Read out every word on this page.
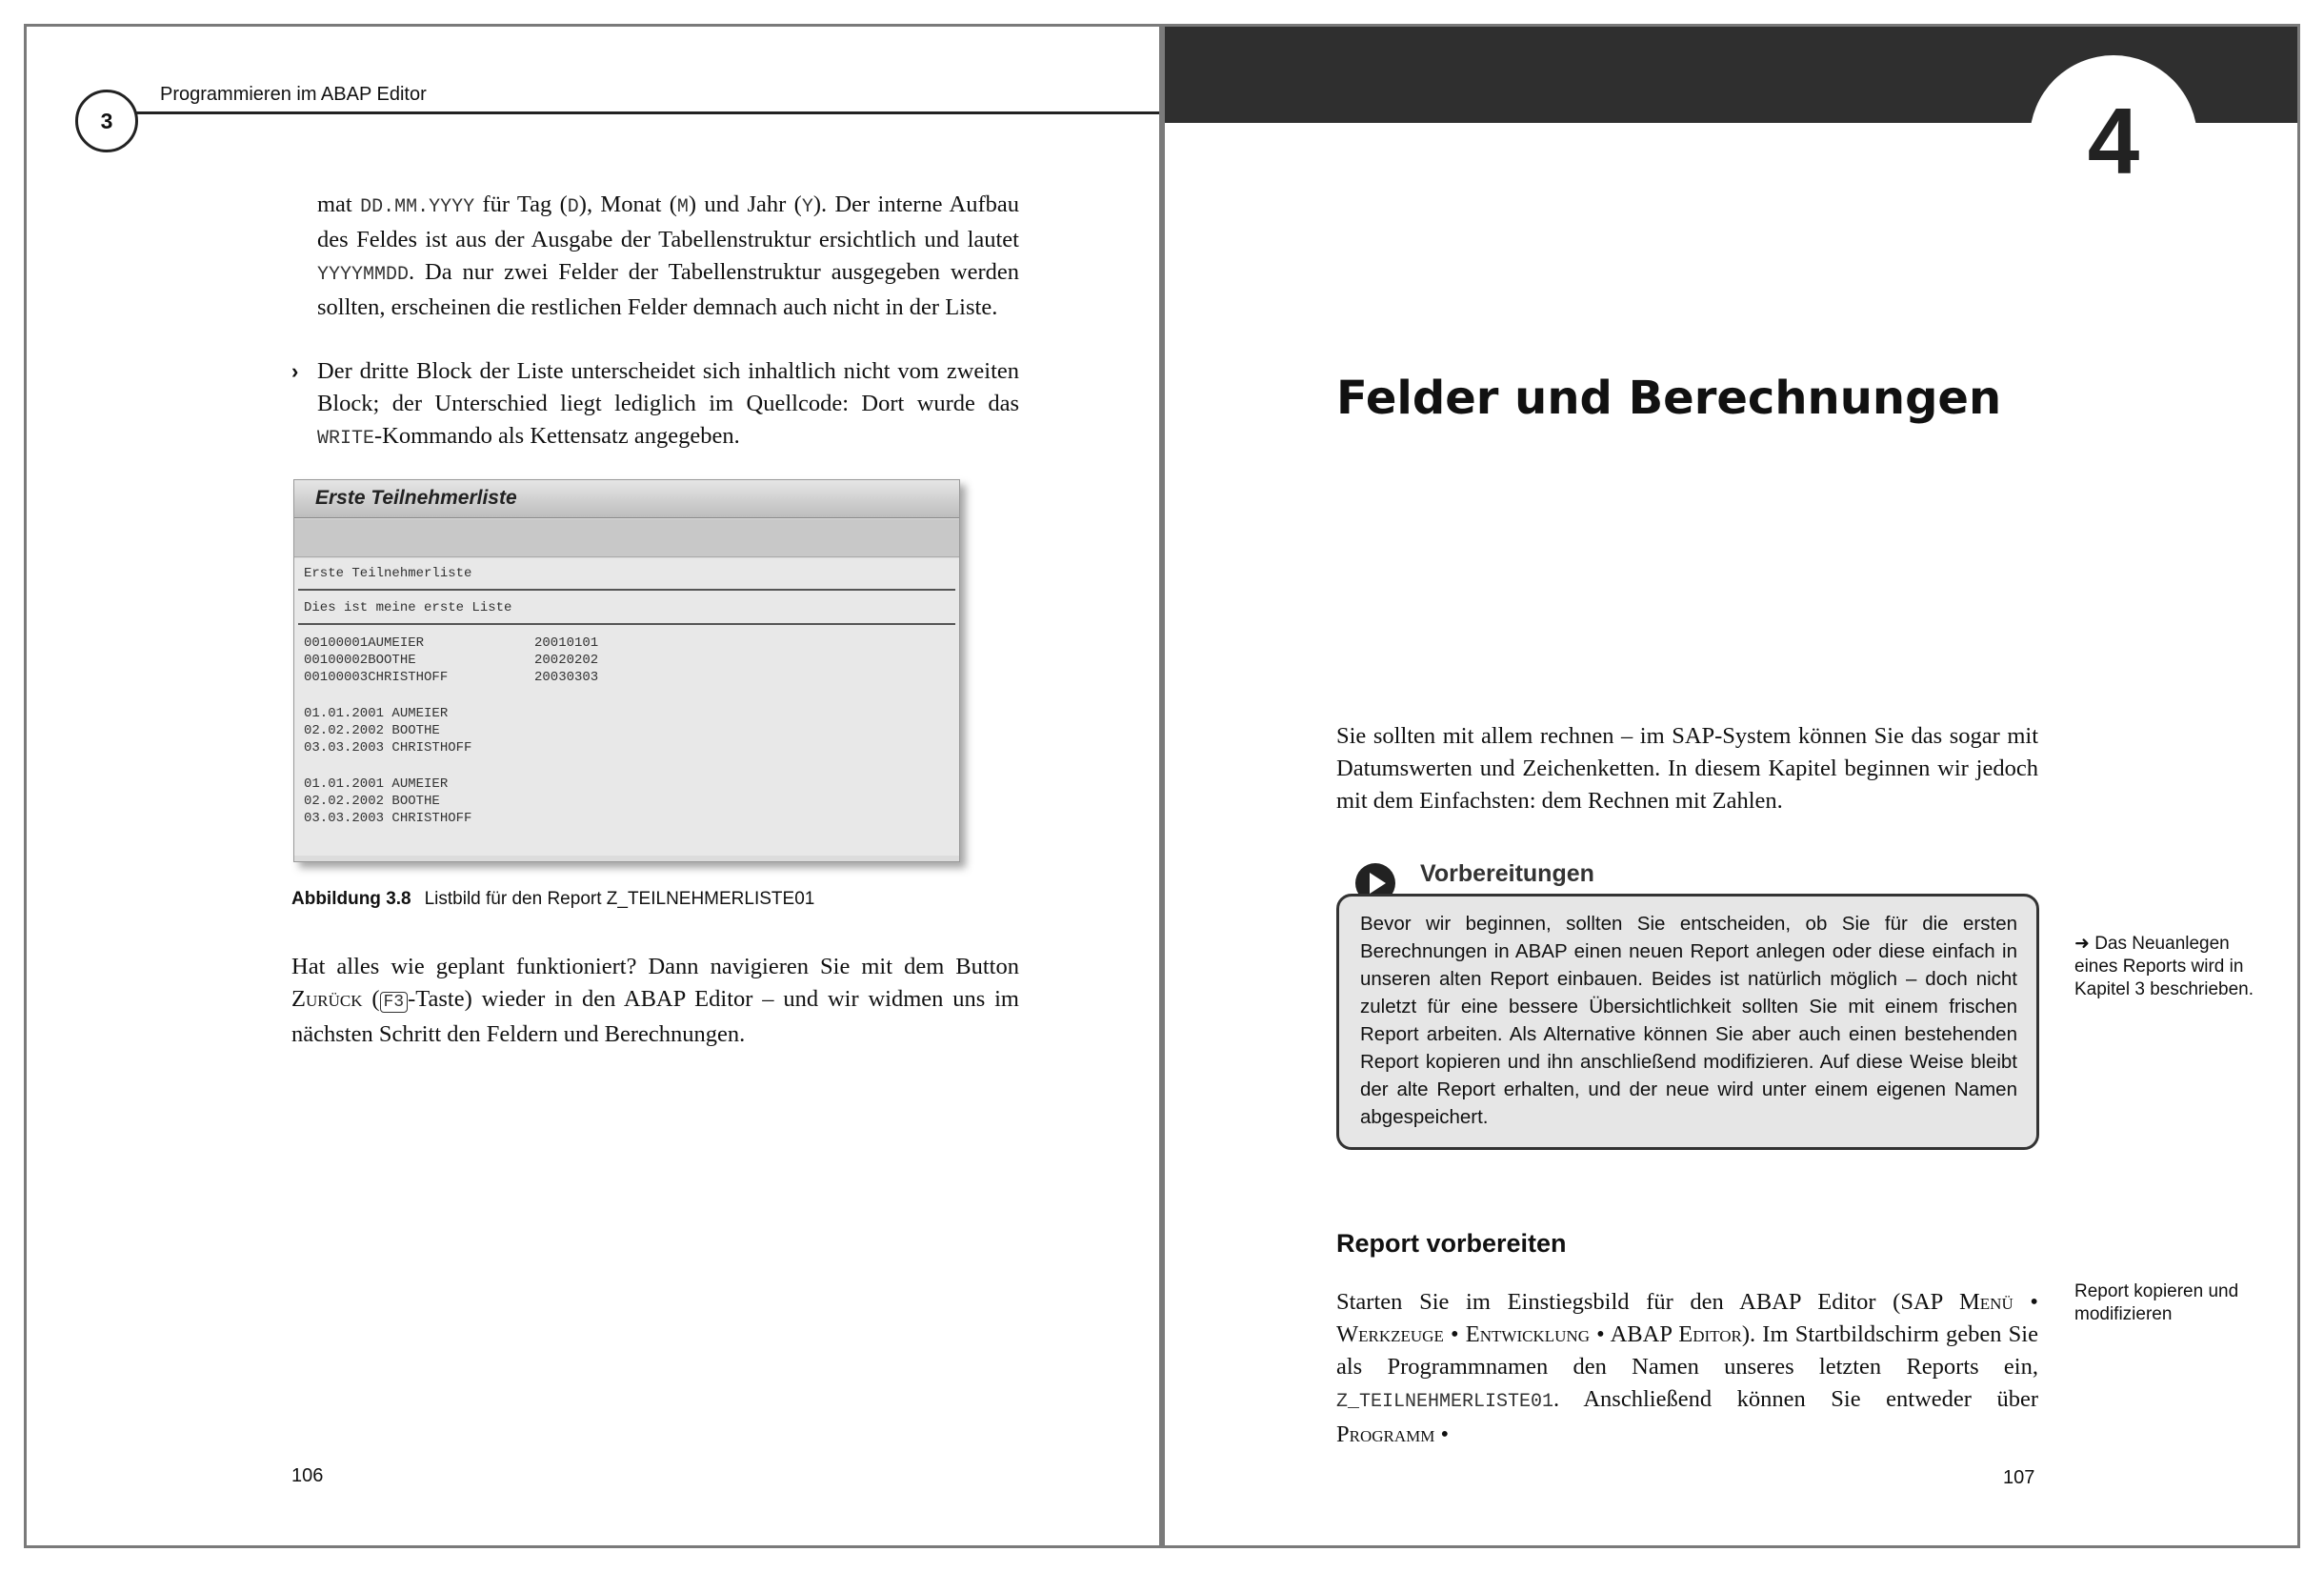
3
Programmieren im ABAP Editor
mat DD.MM.YYYY für Tag (D), Monat (M) und Jahr (Y). Der interne Aufbau des Feldes ist aus der Ausgabe der Tabellenstruktur ersichtlich und lautet YYYYMMDD. Da nur zwei Felder der Tabellenstruktur ausgegeben werden sollten, erscheinen die restlichen Felder demnach auch nicht in der Liste.
› Der dritte Block der Liste unterscheidet sich inhaltlich nicht vom zweiten Block; der Unterschied liegt lediglich im Quellcode: Dort wurde das WRITE-Kommando als Kettensatz angegeben.
Erste Teilnehmerliste
Erste Teilnehmerliste
Dies ist meine erste Liste
00100001AUMEIER	20010101
00100002BOOTHE	20020202
00100003CHRISTHOFF	20030303
01.01.2001 AUMEIER
02.02.2002 BOOTHE
03.03.2003 CHRISTHOFF
01.01.2001 AUMEIER
02.02.2002 BOOTHE
03.03.2003 CHRISTHOFF
Abbildung 3.8 Listbild für den Report Z_TEILNEHMERLISTE01
Hat alles wie geplant funktioniert? Dann navigieren Sie mit dem Button Zurück ( F3 -Taste) wieder in den ABAP Editor – und wir widmen uns im nächsten Schritt den Feldern und Berechnungen.
106
4
Felder und Berechnungen
Sie sollten mit allem rechnen – im SAP-System können Sie das sogar mit Datumswerten und Zeichenketten. In diesem Kapitel beginnen wir jedoch mit dem Einfachsten: dem Rechnen mit Zahlen.
Vorbereitungen
Bevor wir beginnen, sollten Sie entscheiden, ob Sie für die ersten Berechnungen in ABAP einen neuen Report anlegen oder diese einfach in unseren alten Report einbauen. Beides ist natürlich möglich – doch nicht zuletzt für eine bessere Übersichtlichkeit sollten Sie mit einem frischen Report arbeiten. Als Alternative können Sie aber auch einen bestehenden Report kopieren und ihn anschließend modifizieren. Auf diese Weise bleibt der alte Report erhalten, und der neue wird unter einem eigenen Namen abgespeichert.
➜ Das Neuanlegen eines Reports wird in Kapitel 3 beschrieben.
Report vorbereiten
Report kopieren und modifizieren
Starten Sie im Einstiegsbild für den ABAP Editor (SAP Menü • Werkzeuge • Entwicklung • ABAP Editor). Im Startbildschirm geben Sie als Programmnamen den Namen unseres letzten Reports ein, Z_TEILNEHMERLISTE01. Anschließend können Sie entweder über Programm •
107
